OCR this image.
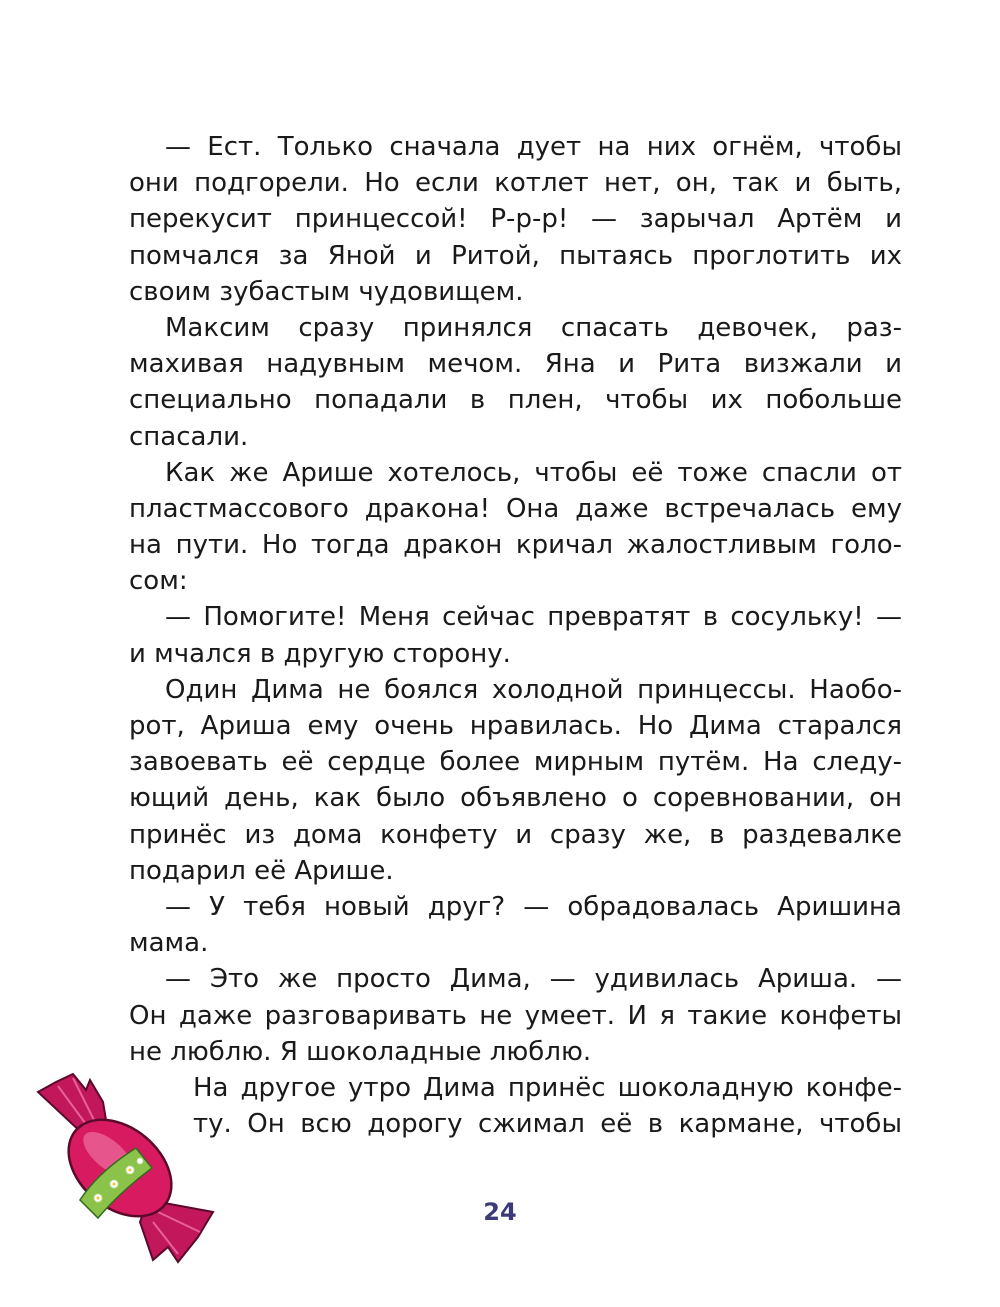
— Ест. Только сначала дует на них огнём, чтобы
они подгорели. Но если котлет нет, он, так и быть,
перекусит принцессой! Р-р-р! — зарычал Артём и
помчался за Яной и Ритой, пытаясь проглотить их
своим зубастым чудовищем.
Максим сразу принялся спасать девочек, раз-
махивая надувным мечом. Яна и Рита визжали и
специально попадали в плен, чтобы их побольше
спасали.
Как же Арише хотелось, чтобы её тоже спасли от
пластмассового дракона! Она даже встречалась ему
на пути. Но тогда дракон кричал жалостливым голо-
сом:
— Помогите! Меня сейчас превратят в сосульку! —
и мчался в другую сторону.
Один Дима не боялся холодной принцессы. Наобо-
рот, Ариша ему очень нравилась. Но Дима старался
завоевать её сердце более мирным путём. На следу-
ющий день, как было объявлено о соревновании, он
принёс из дома конфету и сразу же, в раздевалке
подарил её Арише.
— У тебя новый друг? — обрадовалась Аришина
мама.
— Это же просто Дима, — удивилась Ариша. —
Он даже разговаривать не умеет. И я такие конфеты
не люблю. Я шоколадные люблю.
На другое утро Дима принёс шоколадную конфе-
ту. Он всю дорогу сжимал её в кармане, чтобы
24
